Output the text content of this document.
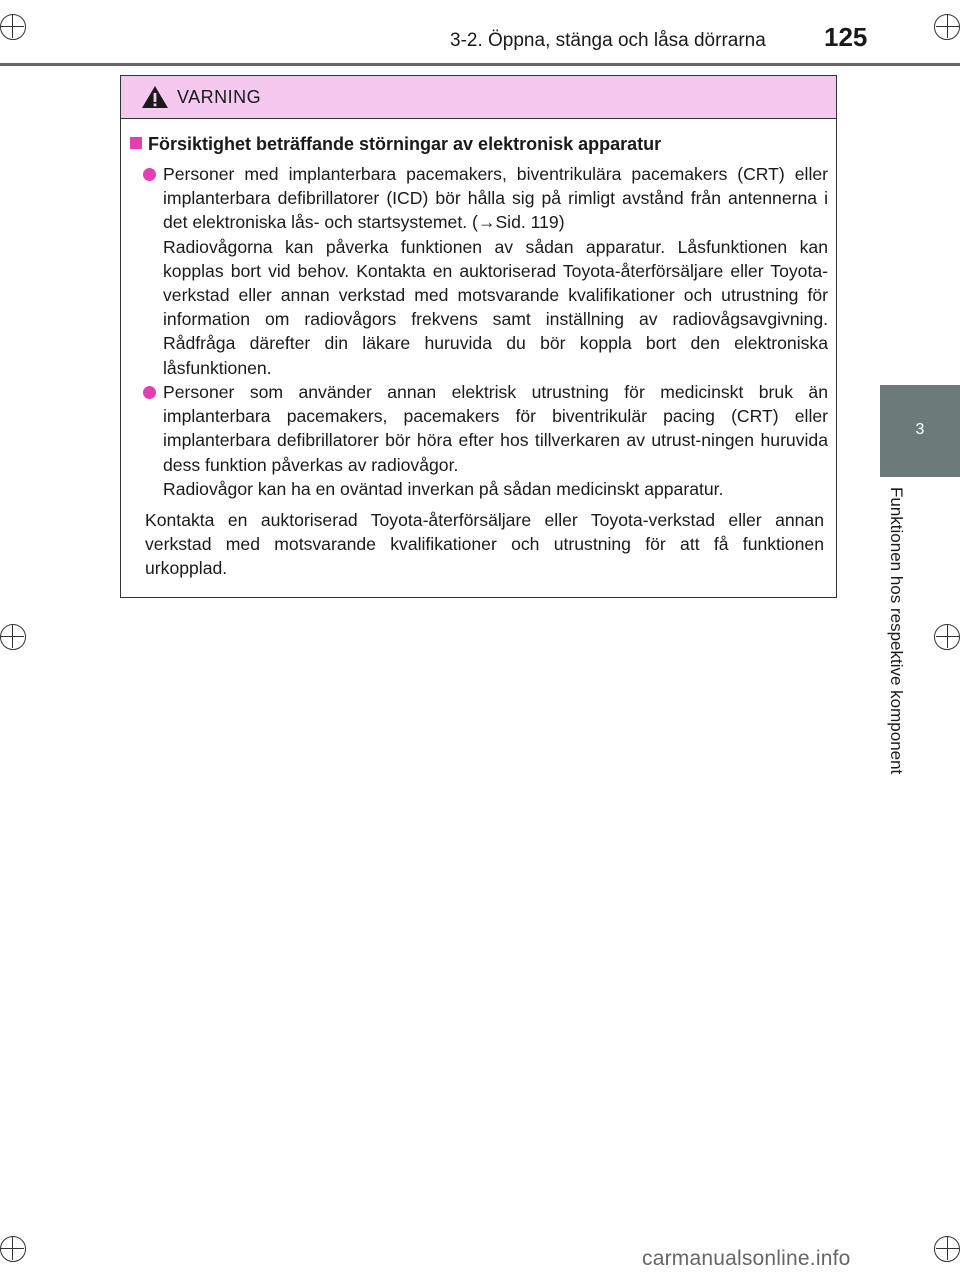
3-2. Öppna, stänga och låsa dörrarna 125
3
Funktionen hos respektive komponent
VARNING
Försiktighet beträffande störningar av elektronisk apparatur

Personer med implanterbara pacemakers, biventrikulära pacemakers (CRT) eller implanterbara defibrillatorer (ICD) bör hålla sig på rimligt avstånd från antennerna i det elektroniska lås- och startsystemet. (→Sid. 119)

Radiovågorna kan påverka funktionen av sådan apparatur. Låsfunktionen kan kopplas bort vid behov. Kontakta en auktoriserad Toyota-återförsäljare eller Toyota-verkstad eller annan verkstad med motsvarande kvalifikationer och utrustning för information om radiovågors frekvens samt inställning av radiovågsavgivning. Rådfråga därefter din läkare huruvida du bör koppla bort den elektroniska låsfunktionen.

Personer som använder annan elektrisk utrustning för medicinskt bruk än implanterbara pacemakers, pacemakers för biventrikulär pacing (CRT) eller implanterbara defibrillatorer bör höra efter hos tillverkaren av utrust-ningen huruvida dess funktion påverkas av radiovågor.

Radiovågor kan ha en oväntad inverkan på sådan medicinskt apparatur.

Kontakta en auktoriserad Toyota-återförsäljare eller Toyota-verkstad eller annan verkstad med motsvarande kvalifikationer och utrustning för att få funktionen urkopplad.

carmanualsonline.info
